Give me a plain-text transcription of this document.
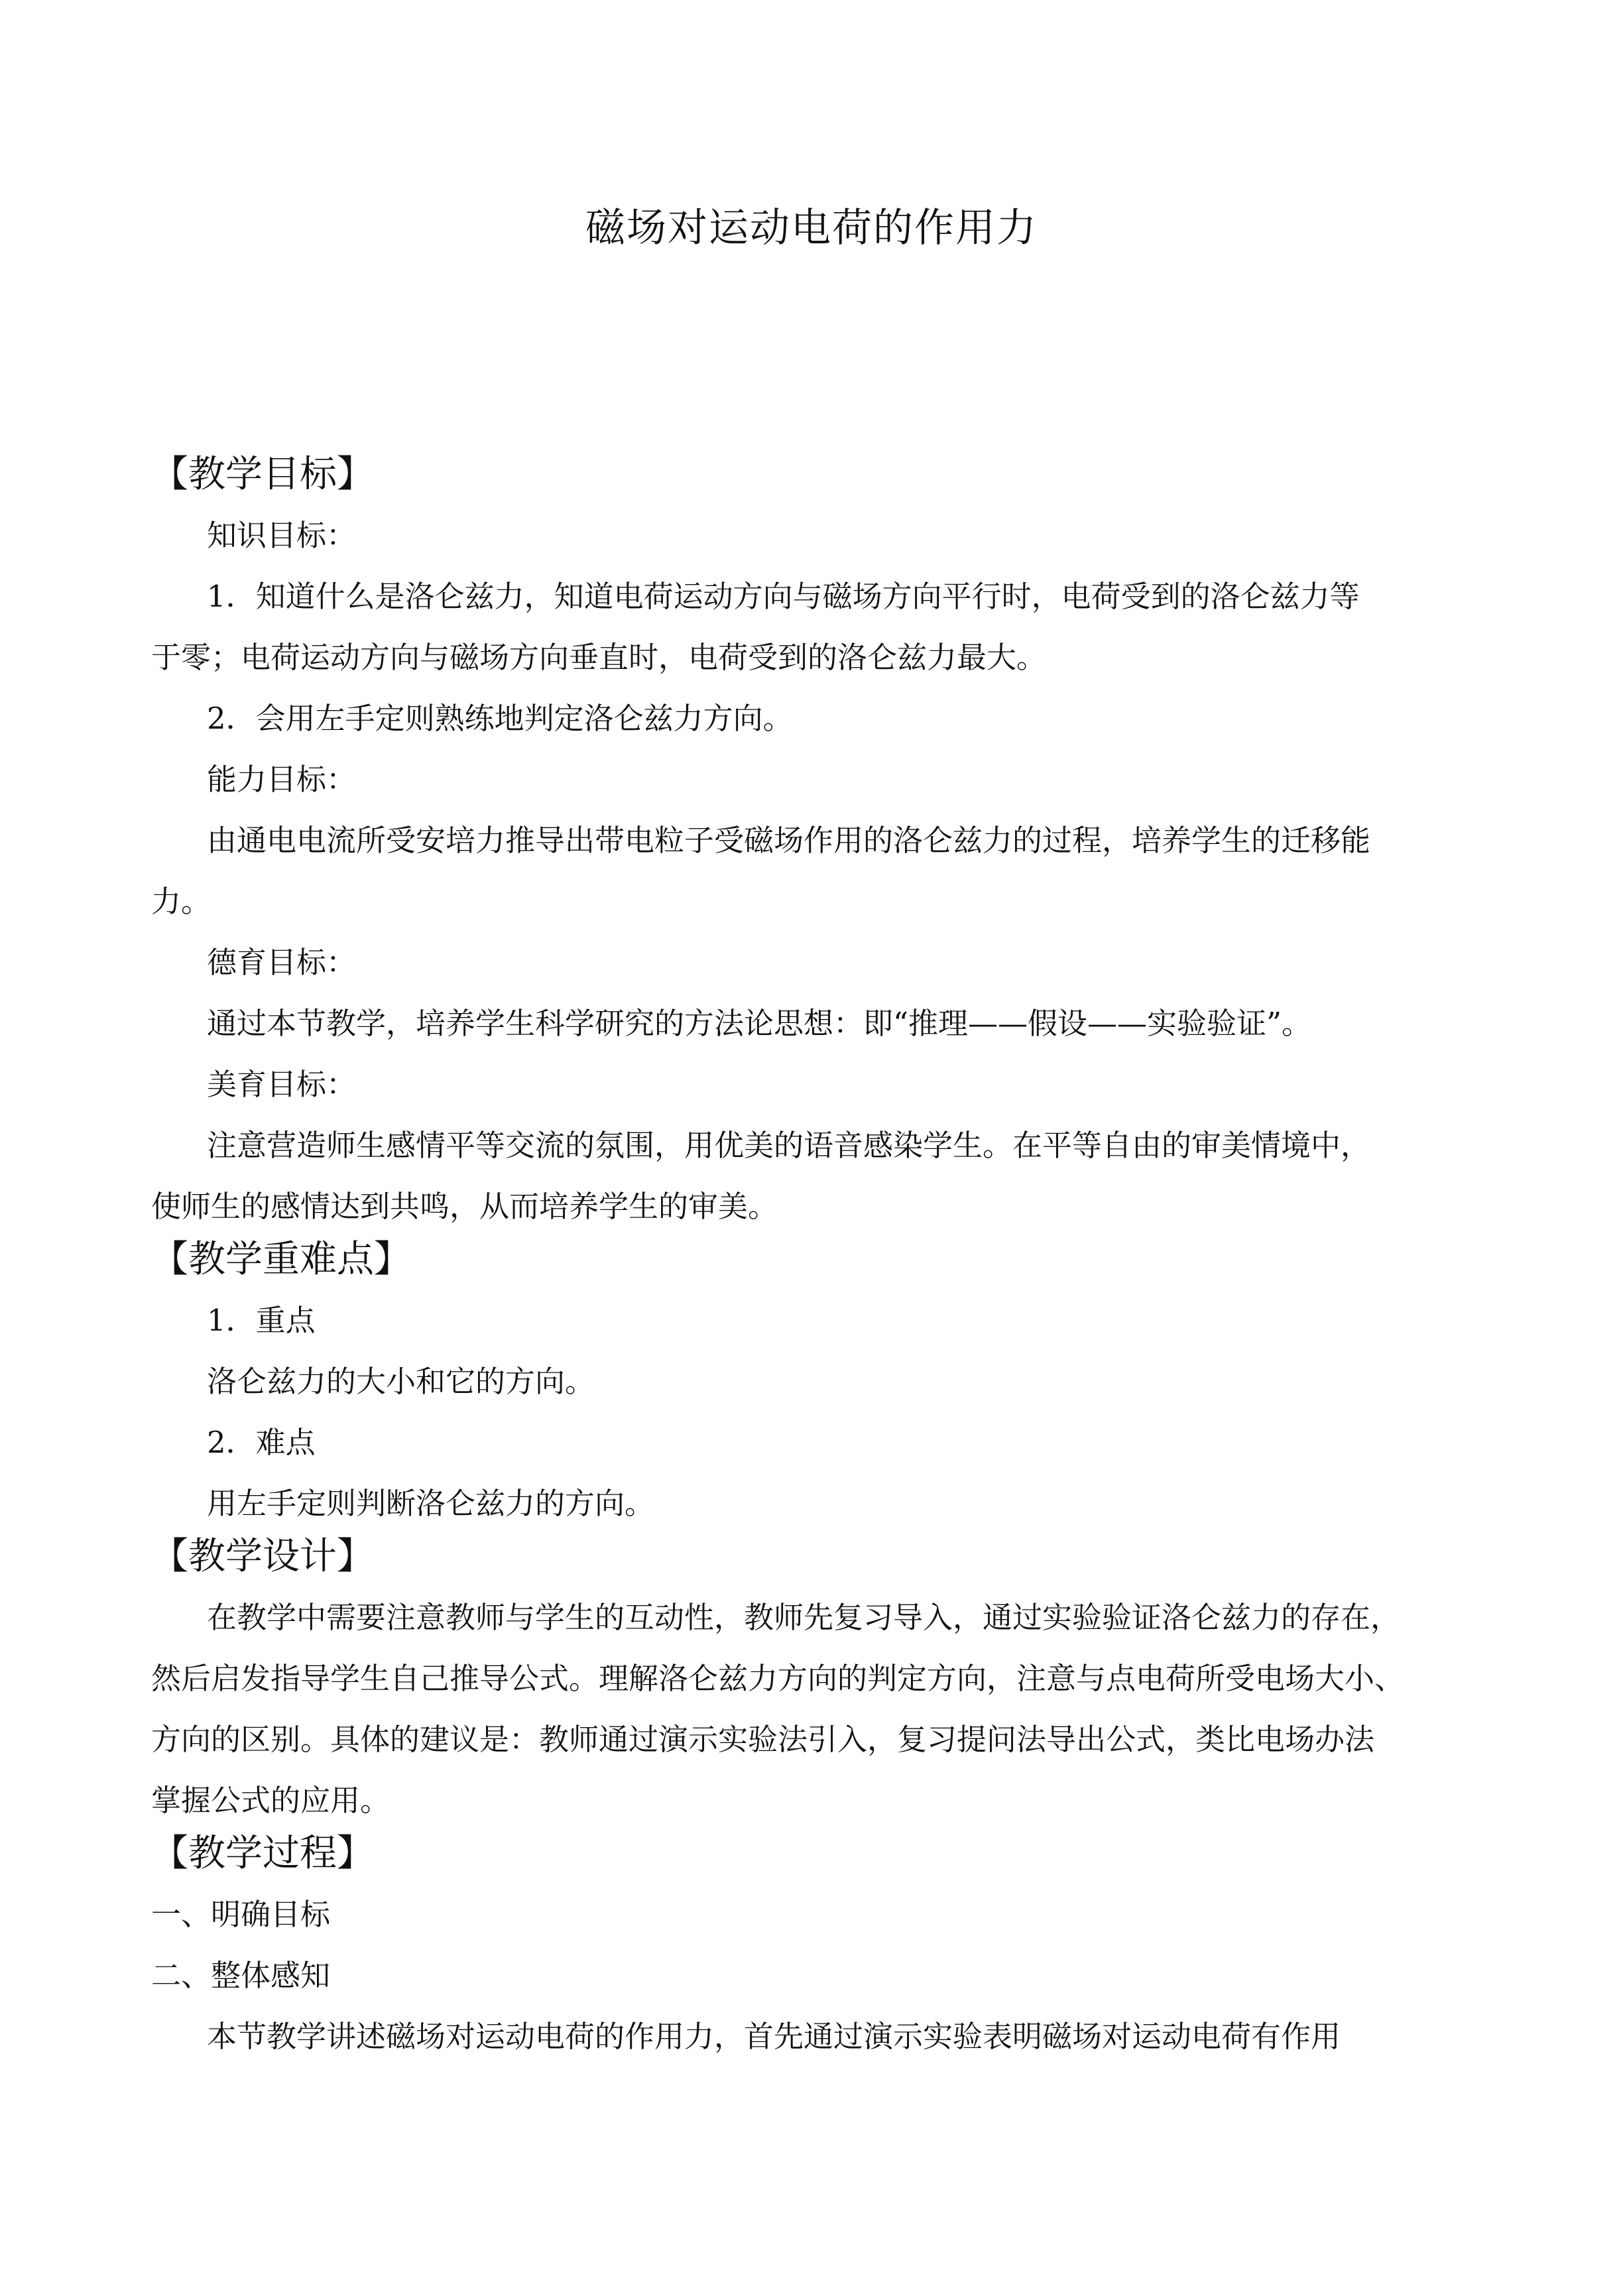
磁场对运动电荷的作用力
【教学目标】
知识目标：
1．知道什么是洛仑兹力，知道电荷运动方向与磁场方向平行时，电荷受到的洛仑兹力等
于零；电荷运动方向与磁场方向垂直时，电荷受到的洛仑兹力最大。
2．会用左手定则熟练地判定洛仑兹力方向。
能力目标：
由通电电流所受安培力推导出带电粒子受磁场作用的洛仑兹力的过程，培养学生的迁移能
力。
德育目标：
通过本节教学，培养学生科学研究的方法论思想：即“推理——假设——实验验证”。
美育目标：
注意营造师生感情平等交流的氛围，用优美的语音感染学生。在平等自由的审美情境中，
使师生的感情达到共鸣，从而培养学生的审美。
【教学重难点】
1．重点
洛仑兹力的大小和它的方向。
2．难点
用左手定则判断洛仑兹力的方向。
【教学设计】
在教学中需要注意教师与学生的互动性，教师先复习导入，通过实验验证洛仑兹力的存在，
然后启发指导学生自己推导公式。理解洛仑兹力方向的判定方向，注意与点电荷所受电场大小、
方向的区别。具体的建议是：教师通过演示实验法引入，复习提问法导出公式，类比电场办法
掌握公式的应用。
【教学过程】
一、明确目标
二、整体感知
本节教学讲述磁场对运动电荷的作用力，首先通过演示实验表明磁场对运动电荷有作用
